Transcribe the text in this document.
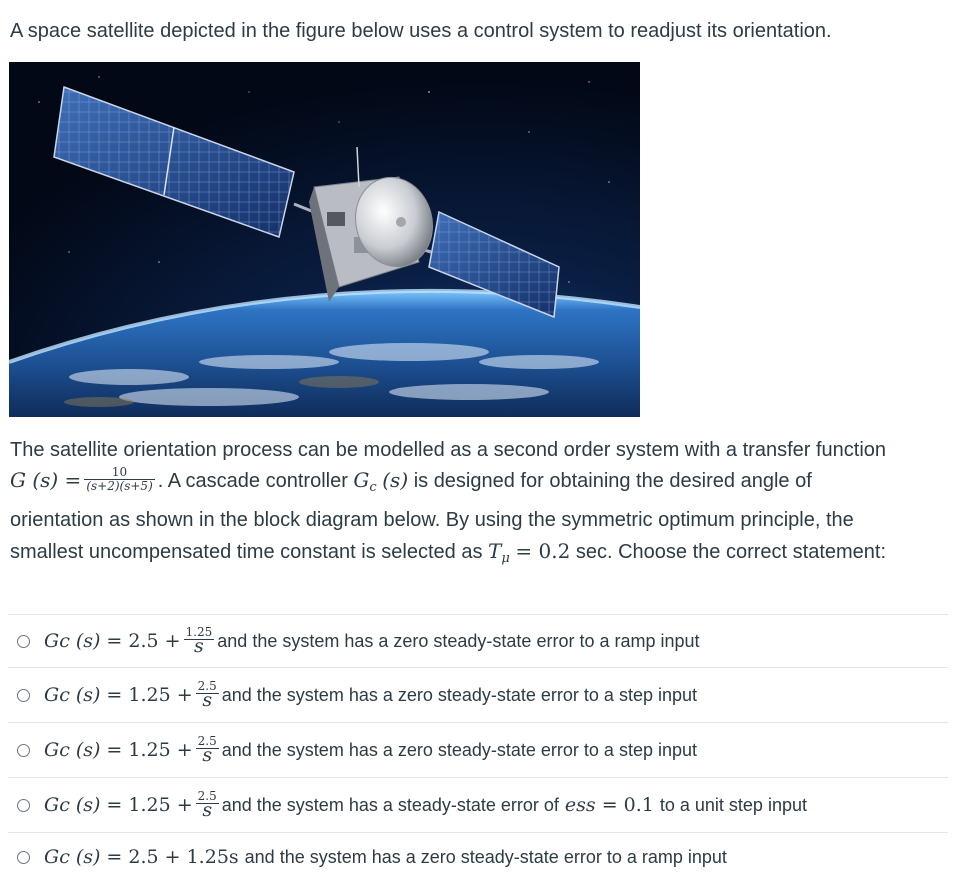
A space satellite depicted in the figure below uses a control system to readjust its orientation.
The satellite orientation process can be modelled as a second order system with a transfer function
G $(s) = \frac{10}{(s+2)(s+5)}$ . A cascade controller $G_c$ (s) is designed for obtaining the desired angle of
orientation as shown in the block diagram below. By using the symmetric optimum principle, the
smallest uncompensated time constant is selected as $T_\mu = 0.2$ sec. Choose the correct statement:
G c $(s) = 2.5 + \frac{1.25}{s}$ and the system has a zero steady-state error to a ramp input
G c $(s) = 1.25 + \frac{2.5}{s}$ and the system has a zero steady-state error to a step input
G c $(s) = 1.25 + \frac{2.5}{s}$ and the system has a zero steady-state error to a step input
G c $(s) = 1.25 + \frac{2.5}{s}$ and the system has a steady-state error of e ss = 0.1 to a unit step input
G c (s) = 2.5 + 1.25s and the system has a zero steady-state error to a ramp input
